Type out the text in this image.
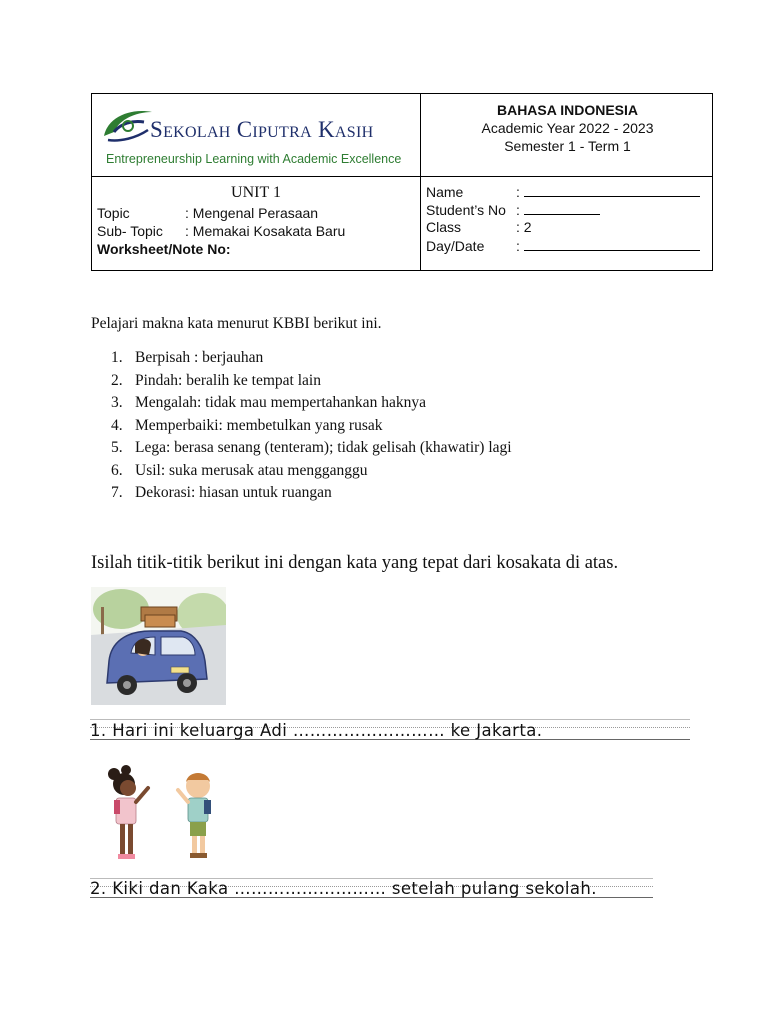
Sekolah Ciputra Kasih
Entrepreneurship Learning with Academic Excellence
BAHASA INDONESIA
Academic Year 2022 - 2023
Semester 1 - Term 1
UNIT 1
Topic	: Mengenal Perasaan
Sub- Topic : Memakai Kosakata Baru
Worksheet/Note No:
Name	:
Student’s No :
Class	: 2
Day/Date :
Pelajari makna kata menurut KBBI berikut ini.
1. Berpisah : berjauhan
2. Pindah: beralih ke tempat lain
3. Mengalah: tidak mau mempertahankan haknya
4. Memperbaiki: membetulkan yang rusak
5. Lega: berasa senang (tenteram); tidak gelisah (khawatir) lagi
6. Usil: suka merusak atau mengganggu
7. Dekorasi: hiasan untuk ruangan
Isilah titik-titik berikut ini dengan kata yang tepat dari kosakata di atas.
1. Hari ini keluarga Adi ……………………… ke Jakarta.
2. Kiki dan Kaka ……………………… setelah pulang sekolah.
